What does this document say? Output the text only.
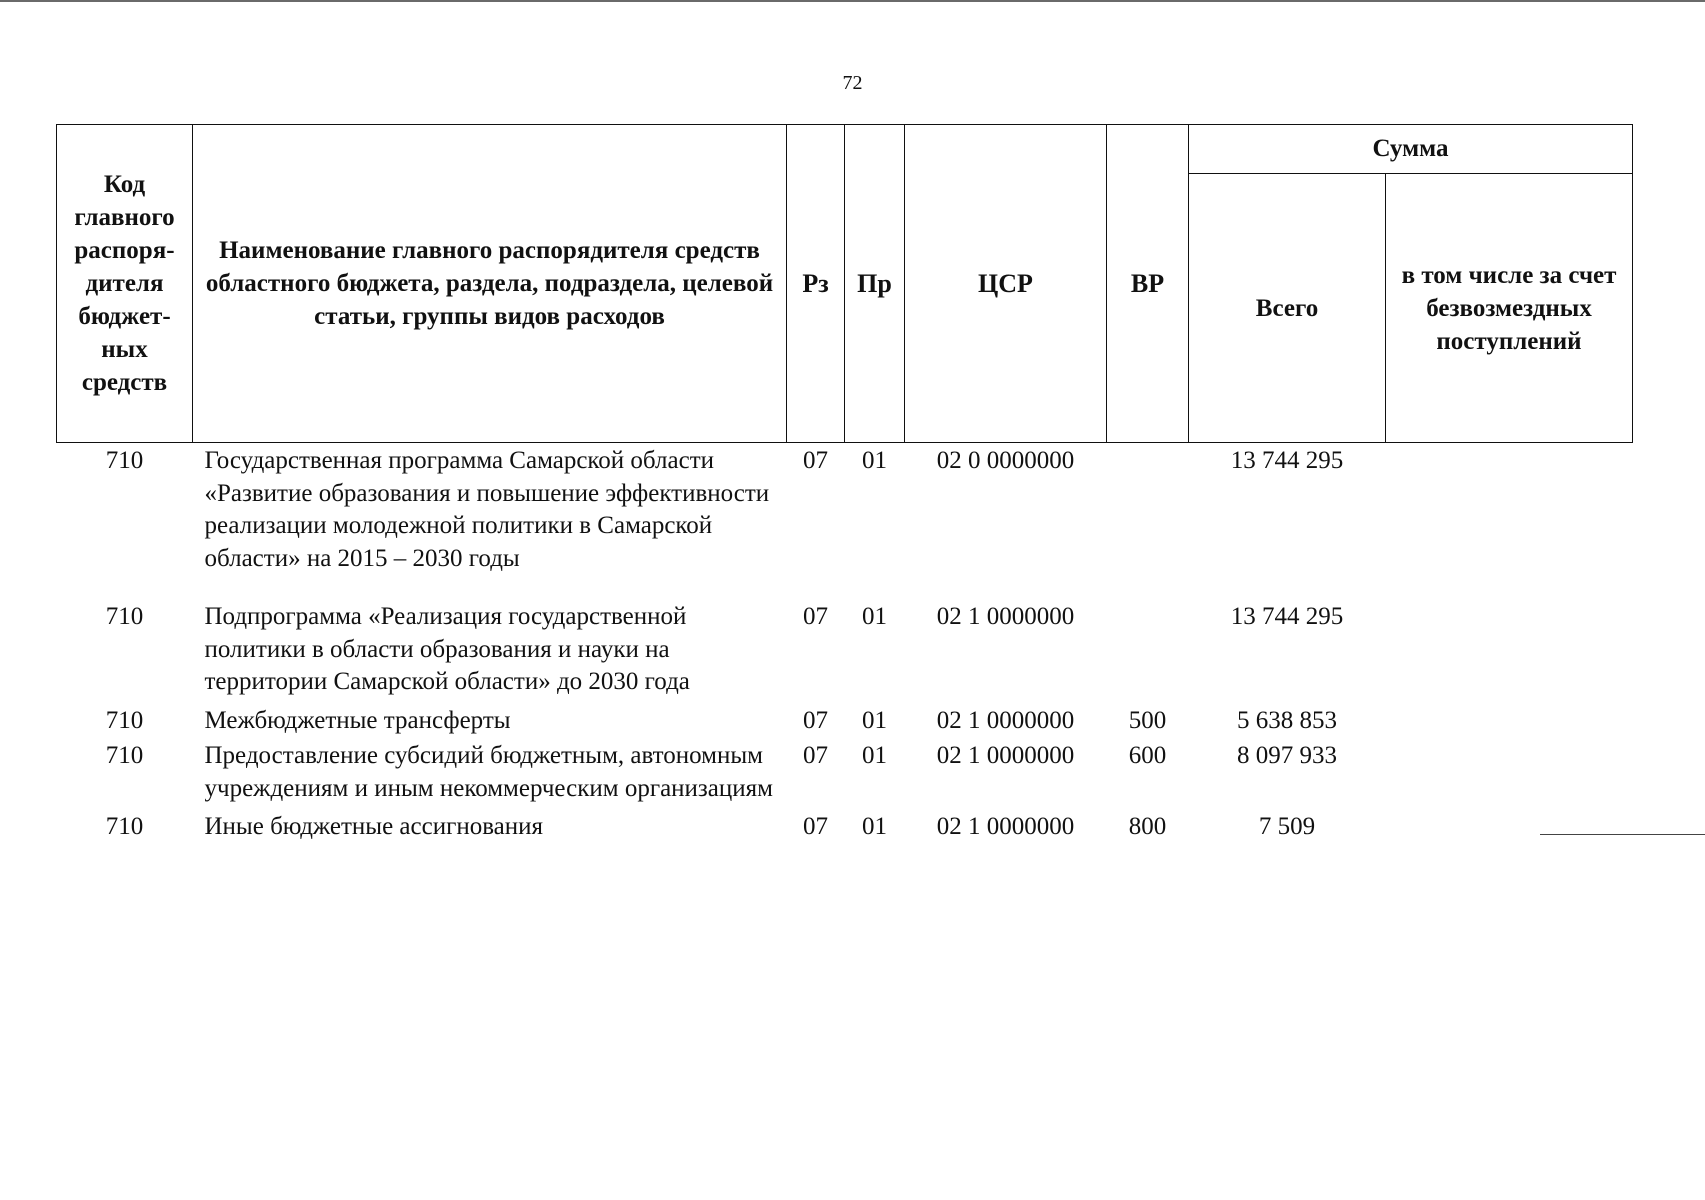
72
Код главного распоря-дителя бюджет-ных средств	Наименование главного распорядителя средств областного бюджета, раздела, подраздела, целевой статьи, группы видов расходов	Рз	Пр	ЦСР	ВР	Сумма	
						Всего	в том числе за счет безвозмездных поступлений
710	Государственная программа Самарской области «Развитие образования и повышение эффективности реализации молодежной политики в Самарской области» на 2015 – 2030 годы	07	01	02 0 0000000		13 744 295	
710	Подпрограмма «Реализация государственной политики в области образования и науки на территории Самарской области» до 2030 года	07	01	02 1 0000000		13 744 295	
710	Межбюджетные трансферты	07	01	02 1 0000000	500	5 638 853	
710	Предоставление субсидий бюджетным, автономным учреждениям и иным некоммерческим организациям	07	01	02 1 0000000	600	8 097 933	
710	Иные бюджетные ассигнования	07	01	02 1 0000000	800	7 509	
